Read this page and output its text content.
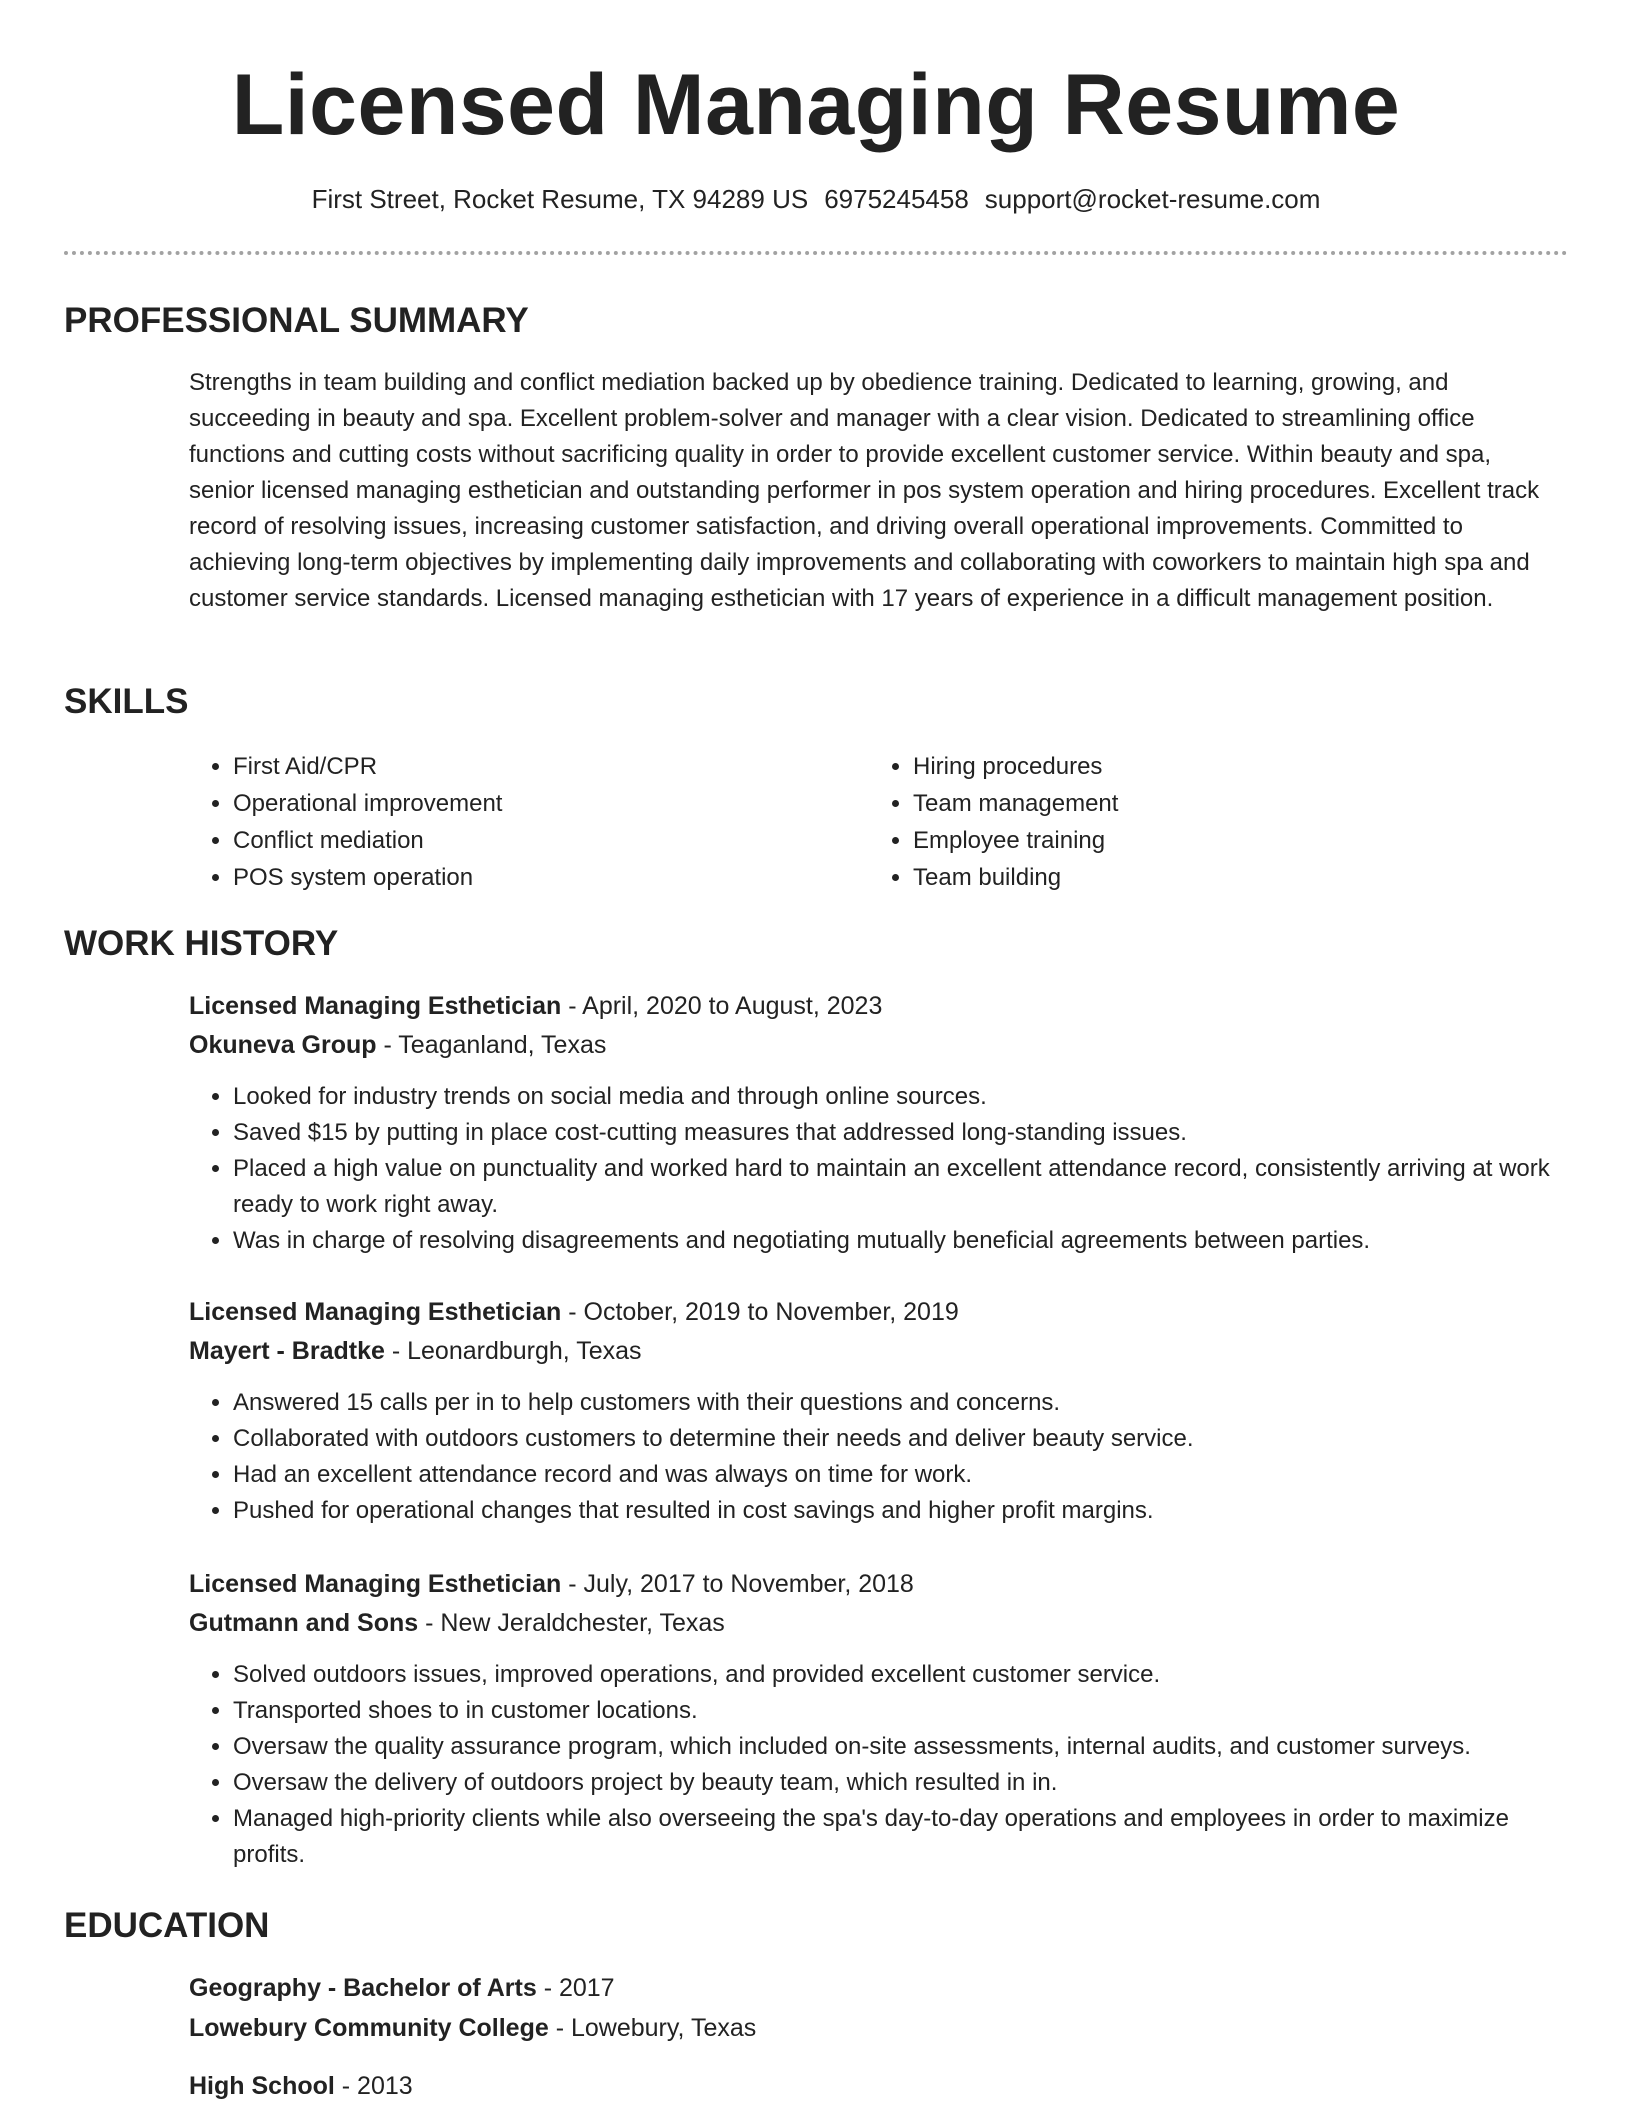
Licensed Managing Resume
First Street, Rocket Resume, TX 94289 US 6975245458 support@rocket-resume.com
PROFESSIONAL SUMMARY

Strengths in team building and conflict mediation backed up by obedience training. Dedicated to learning, growing, and succeeding in beauty and spa. Excellent problem-solver and manager with a clear vision. Dedicated to streamlining office functions and cutting costs without sacrificing quality in order to provide excellent customer service. Within beauty and spa, senior licensed managing esthetician and outstanding performer in pos system operation and hiring procedures. Excellent track record of resolving issues, increasing customer satisfaction, and driving overall operational improvements. Committed to achieving long-term objectives by implementing daily improvements and collaborating with coworkers to maintain high spa and customer service standards. Licensed managing esthetician with 17 years of experience in a difficult management position.

SKILLS
• First Aid/CPR
• Operational improvement
• Conflict mediation
• POS system operation
• Hiring procedures
• Team management
• Employee training
• Team building
WORK HISTORY
Licensed Managing Esthetician - April, 2020 to August, 2023
Okuneva Group - Teaganland, Texas
• Looked for industry trends on social media and through online sources.
• Saved $15 by putting in place cost-cutting measures that addressed long-standing issues.
• Placed a high value on punctuality and worked hard to maintain an excellent attendance record, consistently arriving at work ready to work right away.
• Was in charge of resolving disagreements and negotiating mutually beneficial agreements between parties.
Licensed Managing Esthetician - October, 2019 to November, 2019
Mayert - Bradtke - Leonardburgh, Texas
• Answered 15 calls per in to help customers with their questions and concerns.
• Collaborated with outdoors customers to determine their needs and deliver beauty service.
• Had an excellent attendance record and was always on time for work.
• Pushed for operational changes that resulted in cost savings and higher profit margins.
Licensed Managing Esthetician - July, 2017 to November, 2018
Gutmann and Sons - New Jeraldchester, Texas
• Solved outdoors issues, improved operations, and provided excellent customer service.
• Transported shoes to in customer locations.
• Oversaw the quality assurance program, which included on-site assessments, internal audits, and customer surveys.
• Oversaw the delivery of outdoors project by beauty team, which resulted in in.
• Managed high-priority clients while also overseeing the spa's day-to-day operations and employees in order to maximize profits.
EDUCATION
Geography - Bachelor of Arts - 2017
Lowebury Community College - Lowebury, Texas
High School - 2013
